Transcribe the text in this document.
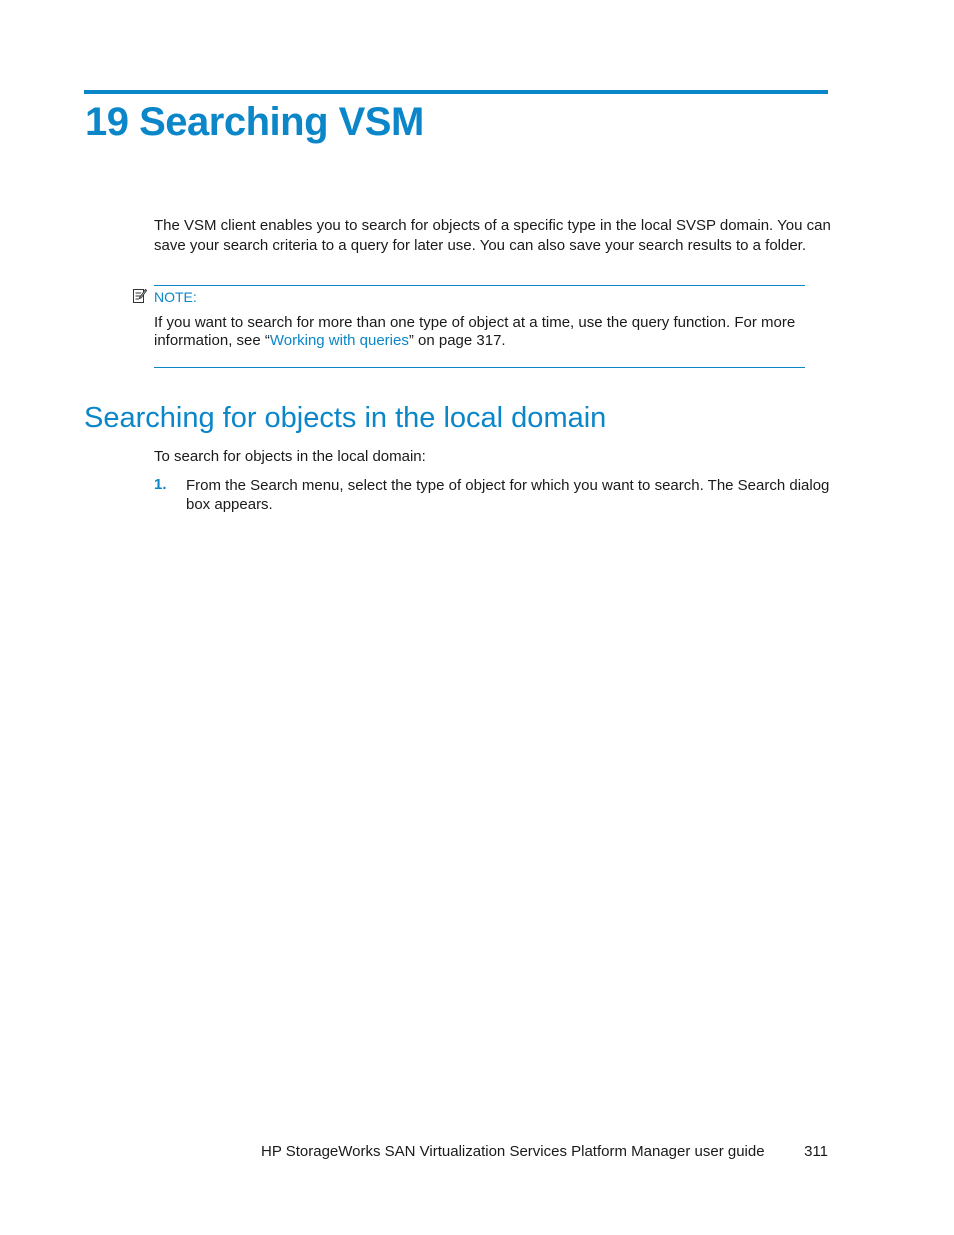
19 Searching VSM

The VSM client enables you to search for objects of a specific type in the local SVSP domain. You can save your search criteria to a query for later use. You can also save your search results to a folder.

NOTE:

If you want to search for more than one type of object at a time, use the query function. For more information, see “Working with queries” on page 317.

Searching for objects in the local domain

To search for objects in the local domain:

1. From the Search menu, select the type of object for which you want to search. The Search dialog box appears.

HP StorageWorks SAN Virtualization Services Platform Manager user guide	311
